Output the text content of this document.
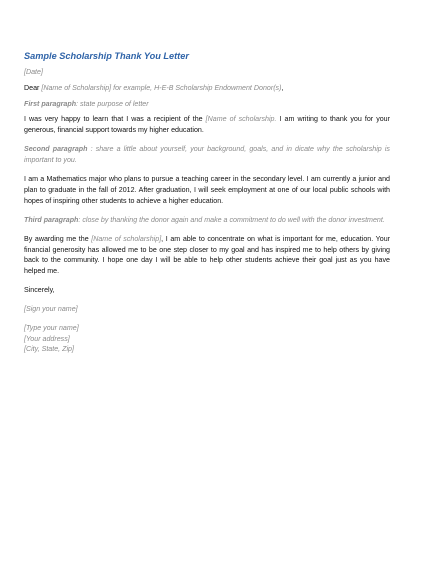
Sample Scholarship Thank You Letter

[Date]

Dear [Name of Scholarship] for example, H-E-B Scholarship Endowment Donor(s),

First paragraph: state purpose of letter

I was very happy to learn that I was a recipient of the [Name of scholarship. I am writing to thank you for your generous, financial support towards my higher education.

Second paragraph : share a little about yourself, your background, goals, and in dicate why the scholarship is important to you.

I am a Mathematics major who plans to pursue a teaching career in the secondary level. I am currently a junior and plan to graduate in the fall of 2012. After graduation, I will seek employment at one of our local public schools with hopes of inspiring other students to achieve a higher education.

Third paragraph: close by thanking the donor again and make a commitment to do well with the donor investment.

By awarding me the [Name of scholarship], I am able to concentrate on what is important for me, education. Your financial generosity has allowed me to be one step closer to my goal and has inspired me to help others by giving back to the community. I hope one day I will be able to help other students achieve their goal just as you have helped me.

Sincerely,

[Sign your name]

[Type your name]

[Your address]

[City, State, Zip]
